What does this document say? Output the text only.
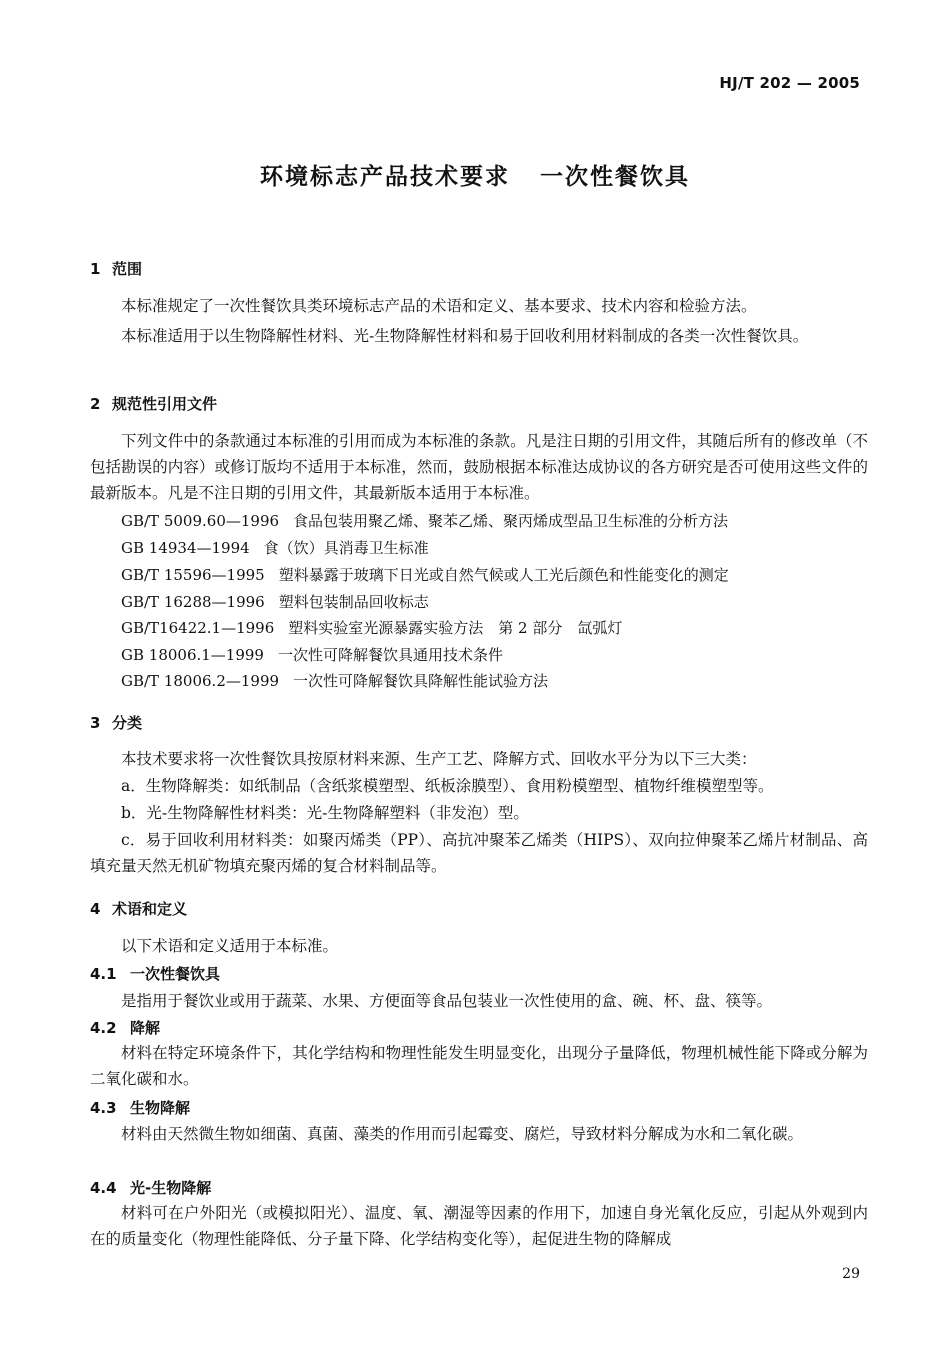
HJ/T 202 — 2005
环境标志产品技术要求 一次性餐饮具
1 范围

本标准规定了一次性餐饮具类环境标志产品的术语和定义、基本要求、技术内容和检验方法。

本标准适用于以生物降解性材料、光-生物降解性材料和易于回收利用材料制成的各类一次性餐饮具。

2 规范性引用文件

下列文件中的条款通过本标准的引用而成为本标准的条款。凡是注日期的引用文件，其随后所有的修改单（不包括勘误的内容）或修订版均不适用于本标准，然而，鼓励根据本标准达成协议的各方研究是否可使用这些文件的最新版本。凡是不注日期的引用文件，其最新版本适用于本标准。

GB/T 5009.60—1996 食品包装用聚乙烯、聚苯乙烯、聚丙烯成型品卫生标准的分析方法

GB 14934—1994 食（饮）具消毒卫生标准

GB/T 15596—1995 塑料暴露于玻璃下日光或自然气候或人工光后颜色和性能变化的测定

GB/T 16288—1996 塑料包装制品回收标志

GB/T16422.1—1996 塑料实验室光源暴露实验方法　第 2 部分　氙弧灯

GB 18006.1—1999 一次性可降解餐饮具通用技术条件

GB/T 18006.2—1999 一次性可降解餐饮具降解性能试验方法

3 分类

本技术要求将一次性餐饮具按原材料来源、生产工艺、降解方式、回收水平分为以下三大类：

a．生物降解类：如纸制品（含纸浆模塑型、纸板涂膜型）、食用粉模塑型、植物纤维模塑型等。

b．光-生物降解性材料类：光-生物降解塑料（非发泡）型。

c．易于回收利用材料类：如聚丙烯类（PP）、高抗冲聚苯乙烯类（HIPS）、双向拉伸聚苯乙烯片材制品、高填充量天然无机矿物填充聚丙烯的复合材料制品等。

4 术语和定义

以下术语和定义适用于本标准。

4.1 一次性餐饮具

是指用于餐饮业或用于蔬菜、水果、方便面等食品包装业一次性使用的盒、碗、杯、盘、筷等。

4.2 降解

材料在特定环境条件下，其化学结构和物理性能发生明显变化，出现分子量降低，物理机械性能下降或分解为二氧化碳和水。

4.3 生物降解

材料由天然微生物如细菌、真菌、藻类的作用而引起霉变、腐烂，导致材料分解成为水和二氧化碳。

4.4 光-生物降解

材料可在户外阳光（或模拟阳光）、温度、氧、潮湿等因素的作用下，加速自身光氧化反应，引起从外观到内在的质量变化（物理性能降低、分子量下降、化学结构变化等），起促进生物的降解成

29
